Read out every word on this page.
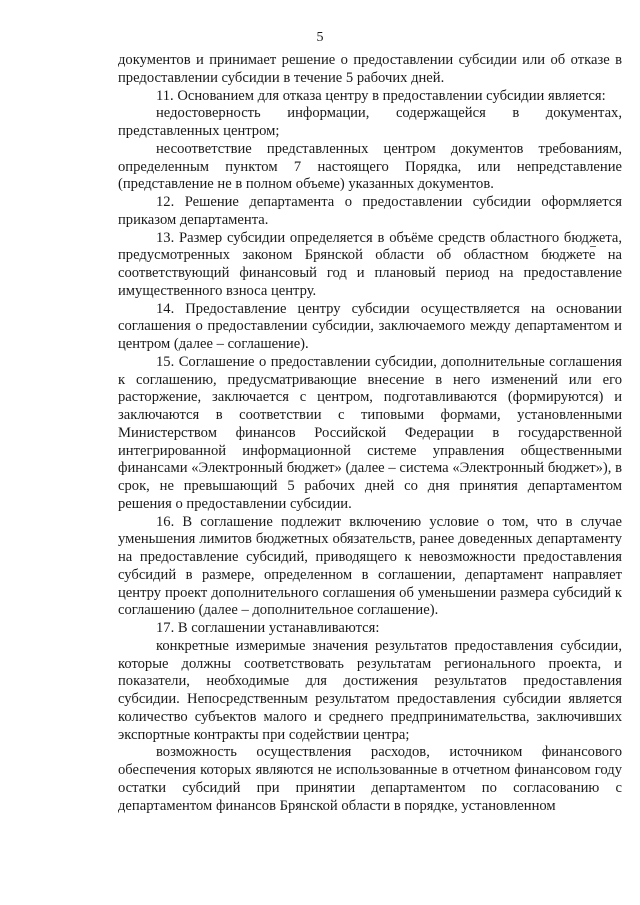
5

документов и принимает решение о предоставлении субсидии или об отказе в предоставлении субсидии в течение 5 рабочих дней.

11. Основанием для отказа центру в предоставлении субсидии является:

недостоверность информации, содержащейся в документах, представленных центром;

несоответствие представленных центром документов требованиям, определенным пунктом 7 настоящего Порядка, или непредставление (представление не в полном объеме) указанных документов.

12. Решение департамента о предоставлении субсидии оформляется приказом департамента.

13. Размер субсидии определяется в объёме средств областного бюджета, предусмотренных законом Брянской области об областном бюджете на соответствующий финансовый год и плановый период на предоставление имущественного взноса центру.

14. Предоставление центру субсидии осуществляется на основании соглашения о предоставлении субсидии, заключаемого между департаментом и центром (далее – соглашение).

15. Соглашение о предоставлении субсидии, дополнительные соглашения к соглашению, предусматривающие внесение в него изменений или его расторжение, заключается с центром, подготавливаются (формируются) и заключаются в соответствии с типовыми формами, установленными Министерством финансов Российской Федерации в государственной интегрированной информационной системе управления общественными финансами «Электронный бюджет» (далее – система «Электронный бюджет»), в срок, не превышающий 5 рабочих дней со дня принятия департаментом решения о предоставлении субсидии.

16. В соглашение подлежит включению условие о том, что в случае уменьшения лимитов бюджетных обязательств, ранее доведенных департаменту на предоставление субсидий, приводящего к невозможности предоставления субсидий в размере, определенном в соглашении, департамент направляет центру проект дополнительного соглашения об уменьшении размера субсидий к соглашению (далее – дополнительное соглашение).

17. В соглашении устанавливаются:

конкретные измеримые значения результатов предоставления субсидии, которые должны соответствовать результатам регионального проекта, и показатели, необходимые для достижения результатов предоставления субсидии. Непосредственным результатом предоставления субсидии является количество субъектов малого и среднего предпринимательства, заключивших экспортные контракты при содействии центра;

возможность осуществления расходов, источником финансового обеспечения которых являются не использованные в отчетном финансовом году остатки субсидий при принятии департаментом по согласованию с департаментом финансов Брянской области в порядке, установленном
